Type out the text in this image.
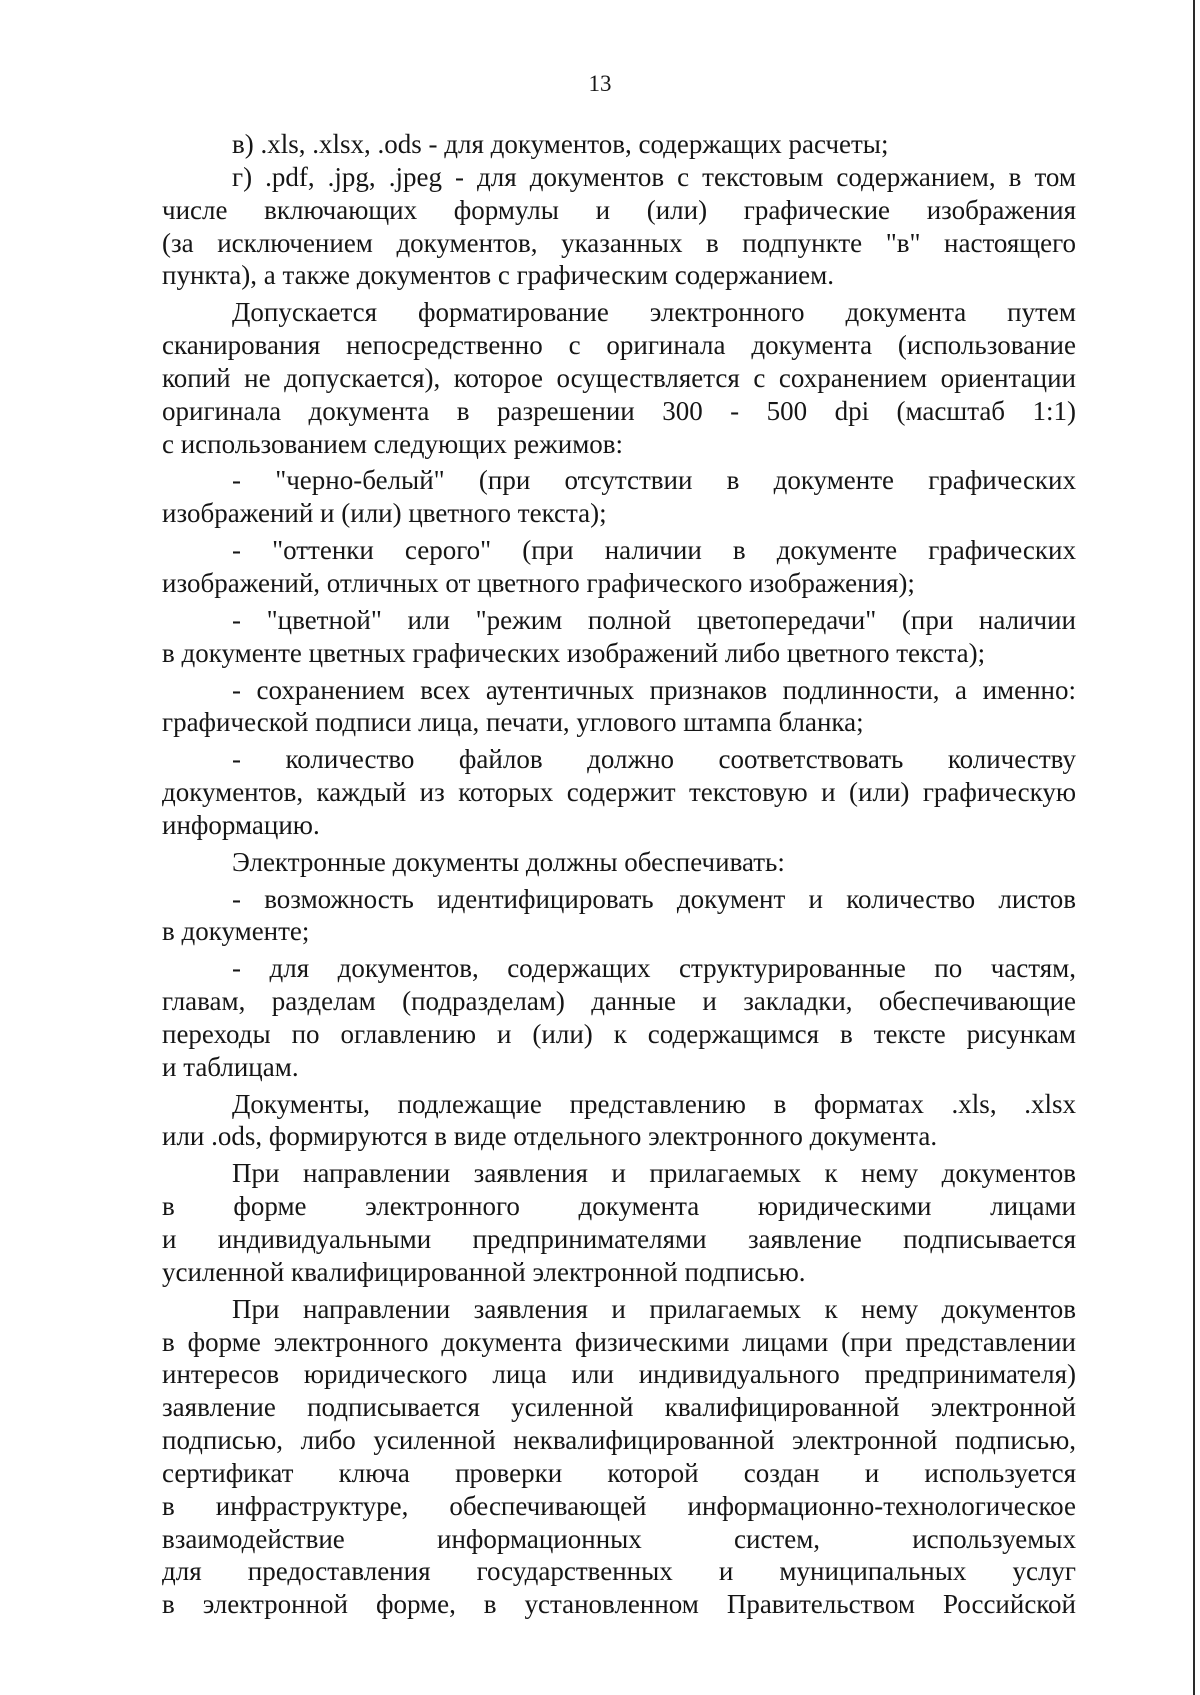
13
в) .xls, .xlsx, .ods - для документов, содержащих расчеты;
г) .pdf, .jpg, .jpeg - для документов с текстовым содержанием, в том
числе включающих формулы и (или) графические изображения
(за исключением документов, указанных в подпункте "в" настоящего
пункта), а также документов с графическим содержанием.
Допускается форматирование электронного документа путем
сканирования непосредственно с оригинала документа (использование
копий не допускается), которое осуществляется с сохранением ориентации
оригинала документа в разрешении 300 - 500 dpi (масштаб 1:1)
с использованием следующих режимов:
- "черно-белый" (при отсутствии в документе графических
изображений и (или) цветного текста);
- "оттенки серого" (при наличии в документе графических
изображений, отличных от цветного графического изображения);
- "цветной" или "режим полной цветопередачи" (при наличии
в документе цветных графических изображений либо цветного текста);
- сохранением всех аутентичных признаков подлинности, а именно:
графической подписи лица, печати, углового штампа бланка;
- количество файлов должно соответствовать количеству
документов, каждый из которых содержит текстовую и (или) графическую
информацию.
Электронные документы должны обеспечивать:
- возможность идентифицировать документ и количество листов
в документе;
- для документов, содержащих структурированные по частям,
главам, разделам (подразделам) данные и закладки, обеспечивающие
переходы по оглавлению и (или) к содержащимся в тексте рисункам
и таблицам.
Документы, подлежащие представлению в форматах .xls, .xlsx
или .ods, формируются в виде отдельного электронного документа.
При направлении заявления и прилагаемых к нему документов
в форме электронного документа юридическими лицами
и индивидуальными предпринимателями заявление подписывается
усиленной квалифицированной электронной подписью.
При направлении заявления и прилагаемых к нему документов
в форме электронного документа физическими лицами (при представлении
интересов юридического лица или индивидуального предпринимателя)
заявление подписывается усиленной квалифицированной электронной
подписью, либо усиленной неквалифицированной электронной подписью,
сертификат ключа проверки которой создан и используется
в инфраструктуре, обеспечивающей информационно-технологическое
взаимодействие информационных систем, используемых
для предоставления государственных и муниципальных услуг
в электронной форме, в установленном Правительством Российской
